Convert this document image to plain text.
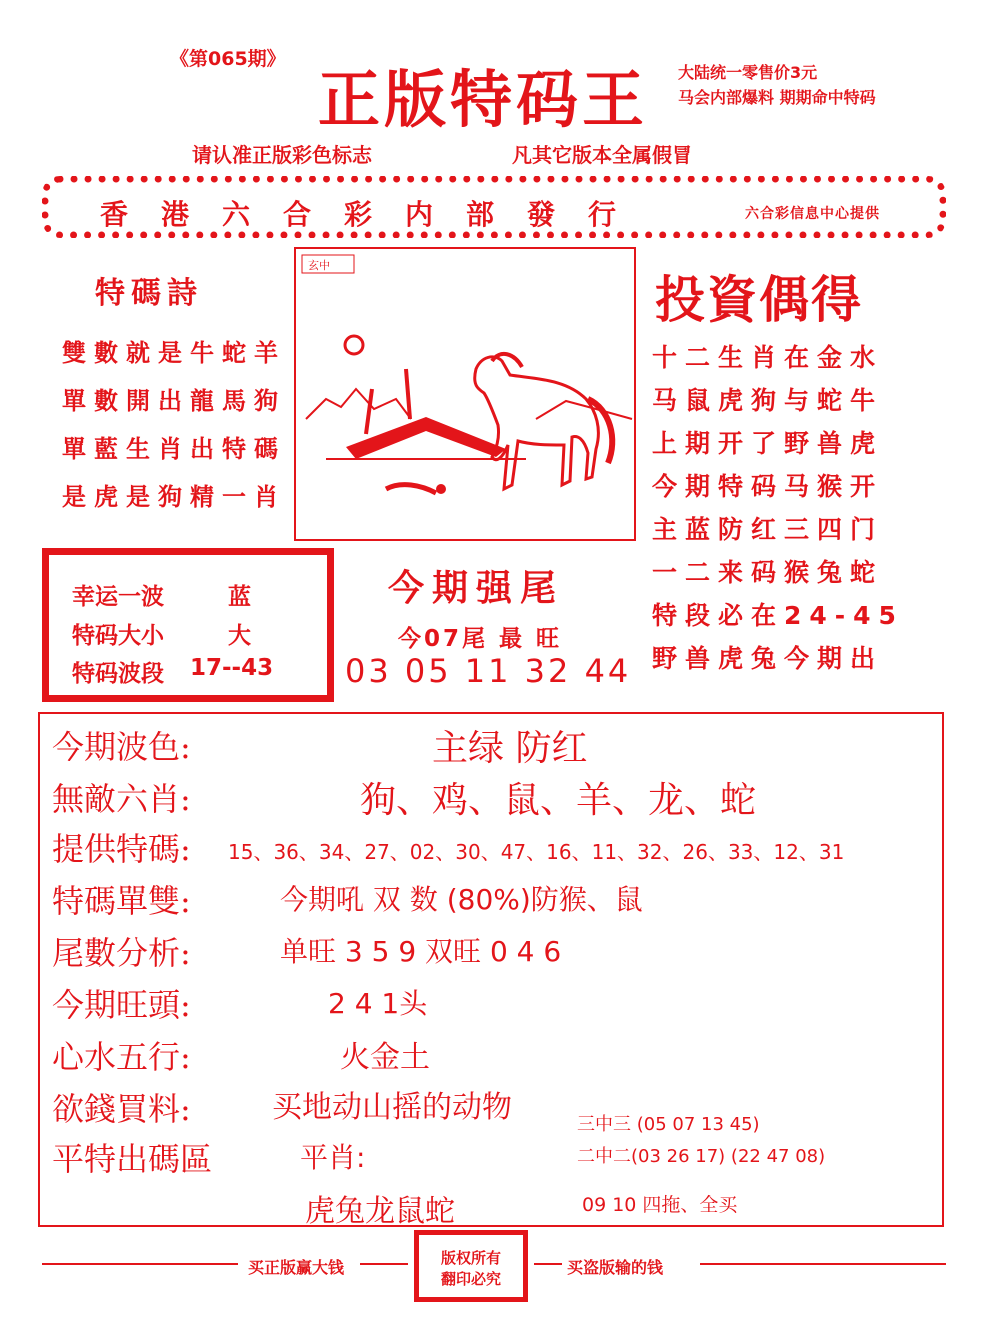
《第065期》
正版特码王 大陆统一零售价3元
马会内部爆料 期期命中特码
请认准正版彩色标志	凡其它版本全属假冒
香港六合彩内部發行	六合彩信息中心提供
特碼詩
雙數就是牛蛇羊
單數開出龍馬狗
單藍生肖出特碼
是虎是狗精一肖
玄中
投資偶得
十二生肖在金水
马鼠虎狗与蛇牛
上期开了野兽虎
今期特码马猴开
主蓝防红三四门
一二来码猴兔蛇
特段必在24-45
野兽虎兔今期出
幸运一波	蓝
特码大小	大
特码波段 17--43
今期强尾
今07尾 最 旺
03 05 11 32 44
今期波色:	主绿 防红
無敵六肖:	狗、鸡、鼠、羊、龙、蛇
提供特碼: 15、36、34、27、02、30、47、16、11、32、26、33、12、31
特碼單雙:	今期吼 双 数 (80%)防猴、鼠
尾數分析:	单旺 3 5 9 双旺 0 4 6
今期旺頭:	2 4 1头
心水五行:	火金土
欲錢買料:	买地动山摇的动物
平特出碼區	平肖:
虎兔龙鼠蛇
三中三 (05 07 13 45)
二中二(03 26 17) (22 47 08)
09 10 四拖、全买
买正版赢大钱	版权所有
翻印必究
买盗版输的钱
